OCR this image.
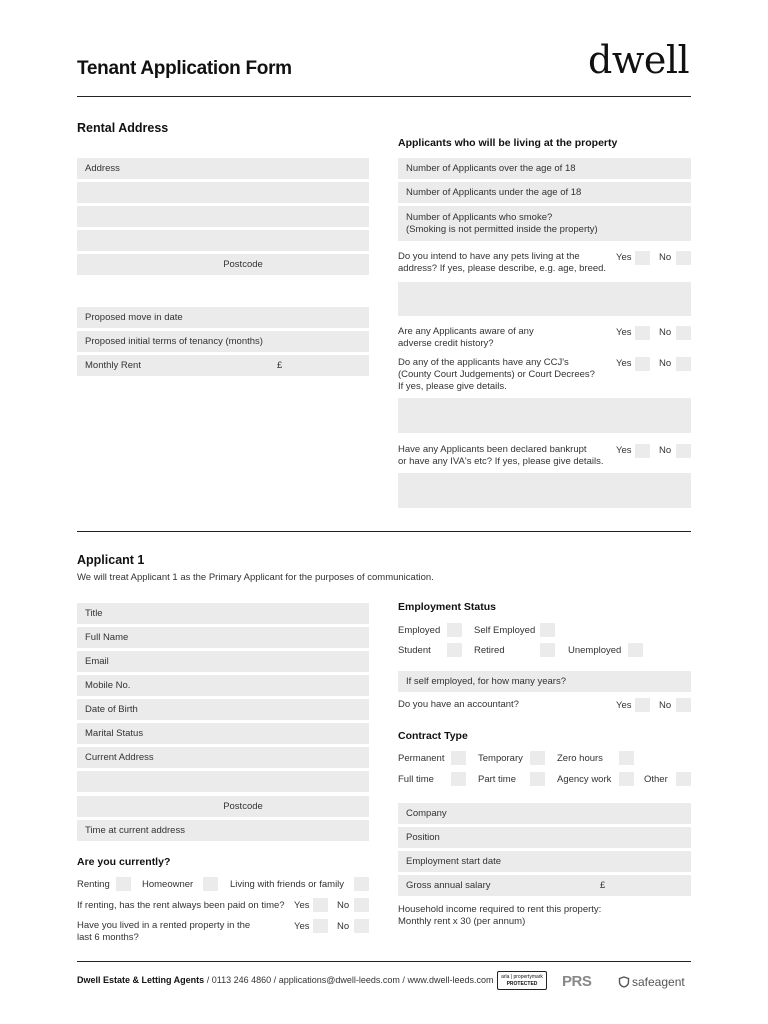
Tenant Application Form	dwell
Rental Address
Address
Postcode
Proposed move in date
Proposed initial terms of tenancy (months)
Monthly Rent	£
Applicants who will be living at the property
Number of Applicants over the age of 18
Number of Applicants under the age of 18
Number of Applicants who smoke?
(Smoking is not permitted inside the property)
Do you intend to have any pets living at the
address? If yes, please describe, e.g. age, breed.
Yes	No
Are any Applicants aware of any
adverse credit history?
Yes	No
Do any of the applicants have any CCJ's
(County Court Judgements) or Court Decrees?
If yes, please give details.
Yes	No
Have any Applicants been declared bankrupt
or have any IVA's etc? If yes, please give details.
Yes	No
Applicant 1
We will treat Applicant 1 as the Primary Applicant for the purposes of communication.
Title
Full Name
Email
Mobile No.
Date of Birth
Marital Status
Current Address
Postcode
Time at current address
Are you currently?
Renting	Homeowner	Living with friends or family
If renting, has the rent always been paid on time? Yes	No
Have you lived in a rented property in the
last 6 months?
Yes	No
Employment Status
Employed	Self Employed
Student	Retired	Unemployed
If self employed, for how many years?
Do you have an accountant?	Yes	No
Contract Type
Permanent	Temporary	Zero hours
Full time	Part time	Agency work	Other
Company
Position
Employment start date
Gross annual salary	£
Household income required to rent this property:
Monthly rent x 30 (per annum)
Dwell Estate & Letting Agents / 0113 246 4860 / applications@dwell-leeds.com / www.dwell-leeds.com	arla | propertymark
PROTECTED	PRS	safeagent
